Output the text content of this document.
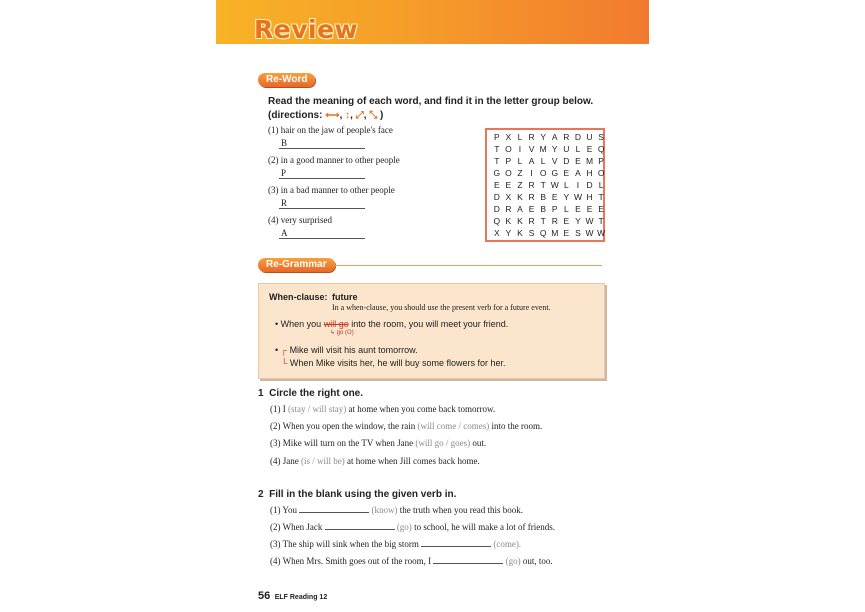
Review
Re-Word
Read the meaning of each word, and find it in the letter group below.
(directions: ⟷, ↕, ⤢, ⤡ )
(1) hair on the jaw of people's face
B
(2) in a good manner to other people
P
(3) in a bad manner to other people
R
(4) very surprised
A
P X L R Y A R D U S
T O I V M Y U L E Q
T P L A L V D E M P
G O Z I O G E A H O
E E Z R T W L I D L
D X K R B E Y W H T
D R A E B P L E E E
Q K K R T R E Y W T
X Y K S Q M E S W W
Re-Grammar
When-clause: future
In a when-clause, you should use the present verb for a future event.
• When you will go into the room, you will meet your friend.
↳ go (O)
• ┌ Mike will visit his aunt tomorrow.
└ When Mike visits her, he will buy some flowers for her.
1 Circle the right one.
(1) I (stay / will stay) at home when you come back tomorrow.
(2) When you open the window, the rain (will come / comes) into the room.
(3) Mike will turn on the TV when Jane (will go / goes) out.
(4) Jane (is / will be) at home when Jill comes back home.
2 Fill in the blank using the given verb in.
(1) You	(know) the truth when you read this book.
(2) When Jack	(go) to school, he will make a lot of friends.
(3) The ship will sink when the big storm	(come).
(4) When Mrs. Smith goes out of the room, I	(go) out, too.
56 ELF Reading 12
